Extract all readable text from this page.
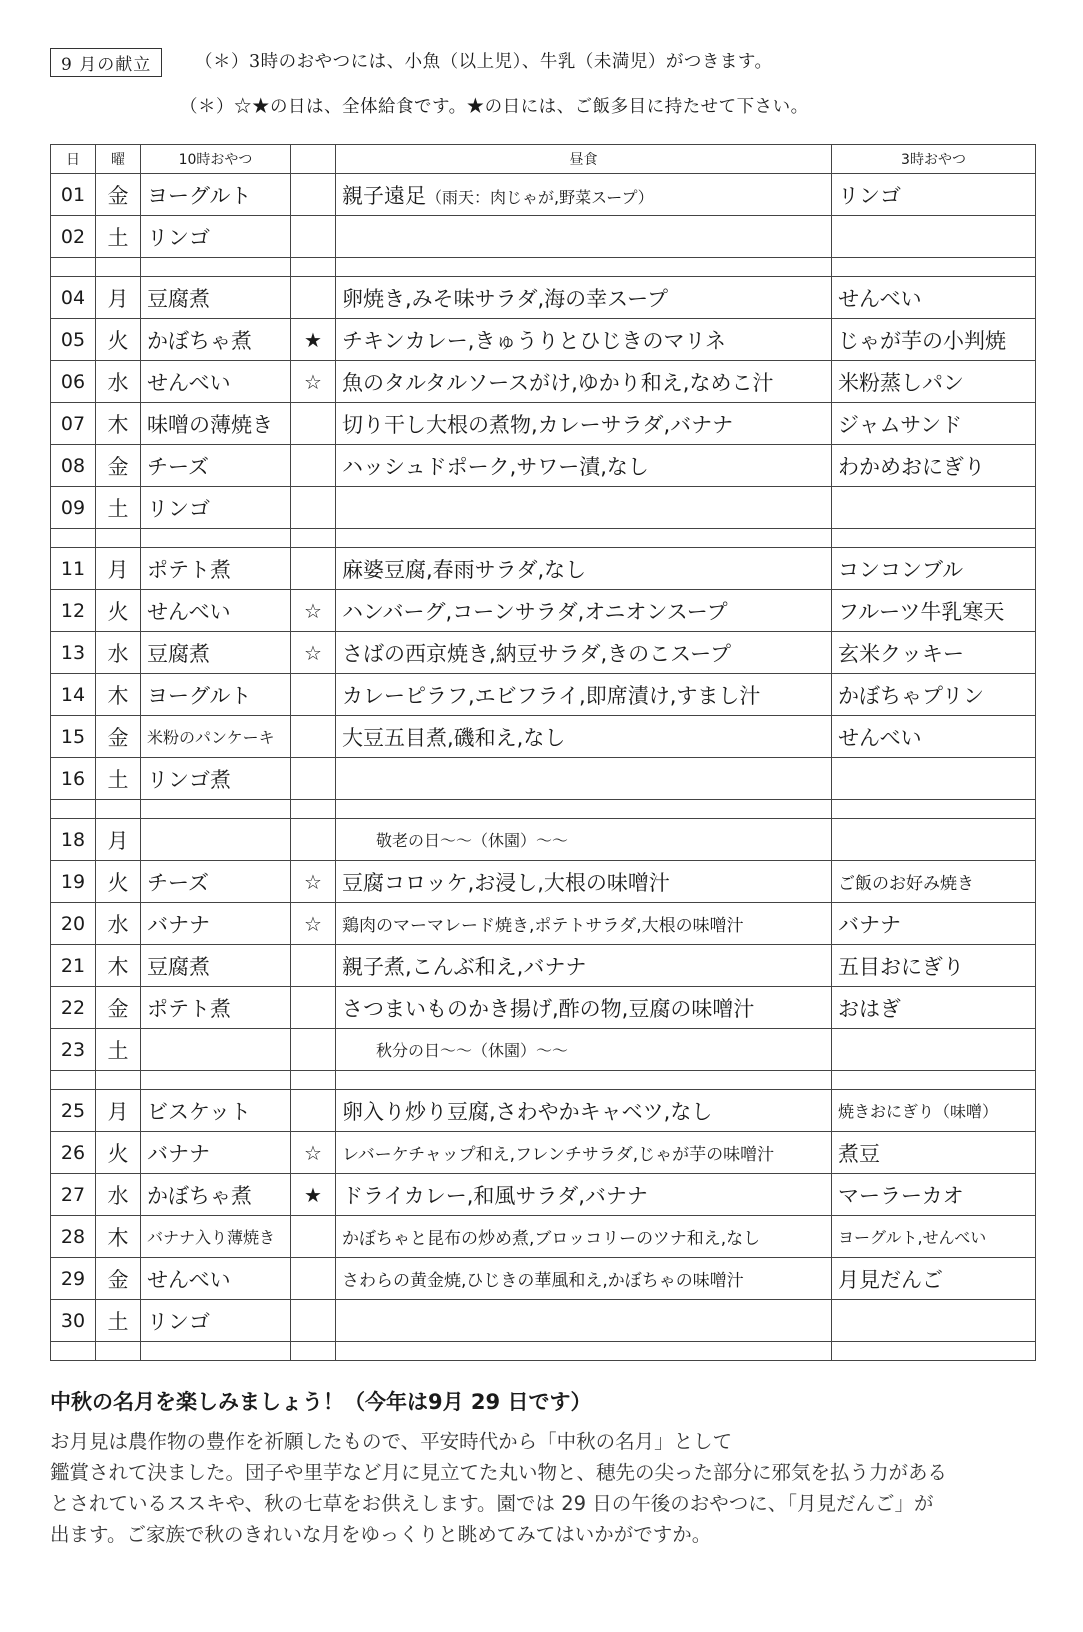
9 月の献立	（＊）3時のおやつには、小魚（以上児）、牛乳（未満児）がつきます。
（＊）☆★の日は、全体給食です。★の日には、ご飯多目に持たせて下さい。
日	曜	10時おやつ		昼食	3時おやつ
01	金	ヨーグルト		親子遠足（雨天：肉じゃが,野菜スープ）	リンゴ
02	土	リンゴ			

04	月	豆腐煮		卵焼き,みそ味サラダ,海の幸スープ	せんべい
05	火	かぼちゃ煮	★	チキンカレー,きゅうりとひじきのマリネ	じゃが芋の小判焼
06	水	せんべい	☆	魚のタルタルソースがけ,ゆかり和え,なめこ汁	米粉蒸しパン
07	木	味噌の薄焼き		切り干し大根の煮物,カレーサラダ,バナナ	ジャムサンド
08	金	チーズ		ハッシュドポーク,サワー漬,なし	わかめおにぎり
09	土	リンゴ			

11	月	ポテト煮		麻婆豆腐,春雨サラダ,なし	コンコンブル
12	火	せんべい	☆	ハンバーグ,コーンサラダ,オニオンスープ	フルーツ牛乳寒天
13	水	豆腐煮	☆	さばの西京焼き,納豆サラダ,きのこスープ	玄米クッキー
14	木	ヨーグルト		カレーピラフ,エビフライ,即席漬け,すまし汁	かぼちゃプリン
15	金	米粉のパンケーキ		大豆五目煮,磯和え,なし	せんべい
16	土	リンゴ煮			

18	月			敬老の日～～（休園）～～	
19	火	チーズ	☆	豆腐コロッケ,お浸し,大根の味噌汁	ご飯のお好み焼き
20	水	バナナ	☆	鶏肉のマーマレード焼き,ポテトサラダ,大根の味噌汁	バナナ
21	木	豆腐煮		親子煮,こんぶ和え,バナナ	五目おにぎり
22	金	ポテト煮		さつまいものかき揚げ,酢の物,豆腐の味噌汁	おはぎ
23	土			秋分の日～～（休園）～～	

25	月	ビスケット		卵入り炒り豆腐,さわやかキャベツ,なし	焼きおにぎり（味噌）
26	火	バナナ	☆	レバーケチャップ和え,フレンチサラダ,じゃが芋の味噌汁	煮豆
27	水	かぼちゃ煮	★	ドライカレー,和風サラダ,バナナ	マーラーカオ
28	木	バナナ入り薄焼き		かぼちゃと昆布の炒め煮,ブロッコリーのツナ和え,なし	ヨーグルト,せんべい
29	金	せんべい		さわらの黄金焼,ひじきの華風和え,かぼちゃの味噌汁	月見だんご
30	土	リンゴ			

中秋の名月を楽しみましょう！（今年は9月 29 日です）

お月見は農作物の豊作を祈願したもので、平安時代から「中秋の名月」として

鑑賞されて決ました。団子や里芋など月に見立てた丸い物と、穂先の尖った部分に邪気を払う力がある

とされているススキや、秋の七草をお供えします。園では 29 日の午後のおやつに、「月見だんご」が

出ます。ご家族で秋のきれいな月をゆっくりと眺めてみてはいかがですか。
